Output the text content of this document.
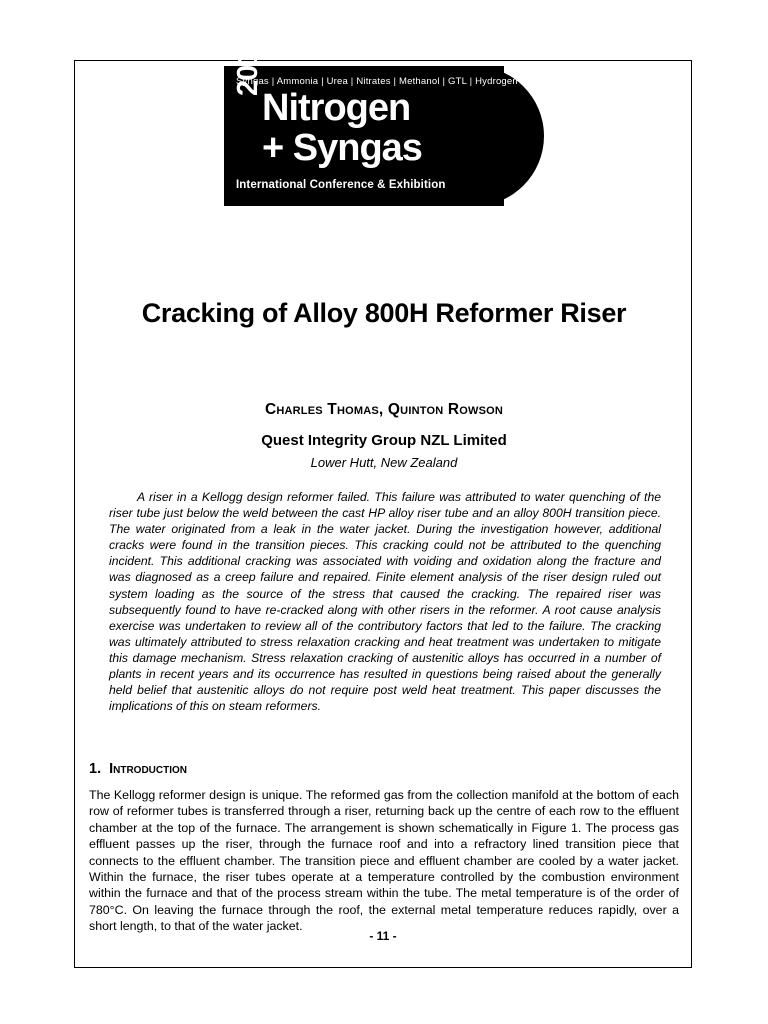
Syngas | Ammonia | Urea | Nitrates | Methanol | GTL | Hydrogen
2014
Nitrogen
+ Syngas
International Conference & Exhibition
Cracking of Alloy 800H Reformer Riser
Charles Thomas, Quinton Rowson
Quest Integrity Group NZL Limited
Lower Hutt, New Zealand
A riser in a Kellogg design reformer failed. This failure was attributed to water quenching of the riser tube just below the weld between the cast HP alloy riser tube and an alloy 800H transition piece. The water originated from a leak in the water jacket. During the investigation however, additional cracks were found in the transition pieces. This cracking could not be attributed to the quenching incident. This additional cracking was associated with voiding and oxidation along the fracture and was diagnosed as a creep failure and repaired. Finite element analysis of the riser design ruled out system loading as the source of the stress that caused the cracking. The repaired riser was subsequently found to have re-cracked along with other risers in the reformer. A root cause analysis exercise was undertaken to review all of the contributory factors that led to the failure. The cracking was ultimately attributed to stress relaxation cracking and heat treatment was undertaken to mitigate this damage mechanism. Stress relaxation cracking of austenitic alloys has occurred in a number of plants in recent years and its occurrence has resulted in questions being raised about the generally held belief that austenitic alloys do not require post weld heat treatment. This paper discusses the implications of this on steam reformers.
1. Introduction
The Kellogg reformer design is unique. The reformed gas from the collection manifold at the bottom of each row of reformer tubes is transferred through a riser, returning back up the centre of each row to the effluent chamber at the top of the furnace. The arrangement is shown schematically in Figure 1. The process gas effluent passes up the riser, through the furnace roof and into a refractory lined transition piece that connects to the effluent chamber. The transition piece and effluent chamber are cooled by a water jacket. Within the furnace, the riser tubes operate at a temperature controlled by the combustion environment within the furnace and that of the process stream within the tube. The metal temperature is of the order of 780°C. On leaving the furnace through the roof, the external metal temperature reduces rapidly, over a short length, to that of the water jacket.
- 11 -
